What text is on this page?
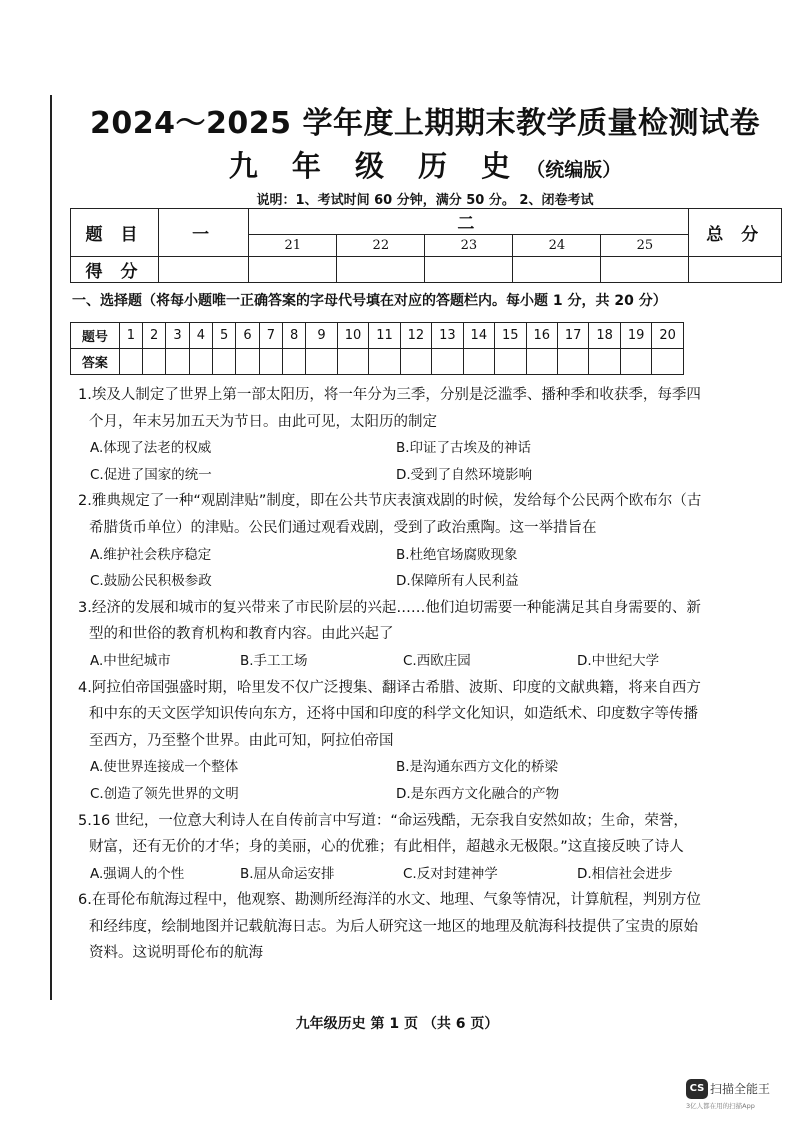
2024～2025 学年度上期期末教学质量检测试卷
九 年 级 历 史 （统编版）
说明：1、考试时间 60 分钟，满分 50 分。 2、闭卷考试
题 目	一	二					总 分
		21	22	23	24	25	
得 分							
一、选择题（将每小题唯一正确答案的字母代号填在对应的答题栏内。每小题 1 分，共 20 分）
题号	1	2	3	4	5	6	7	8	9	10	11	12	13	14	15	16	17	18	19	20
答案																				
1.埃及人制定了世界上第一部太阳历，将一年分为三季，分别是泛滥季、播种季和收获季，每季四个月，年末另加五天为节日。由此可见，太阳历的制定
A.体现了法老的权威	B.印证了古埃及的神话
C.促进了国家的统一	D.受到了自然环境影响
2.雅典规定了一种“观剧津贴”制度，即在公共节庆表演戏剧的时候，发给每个公民两个欧布尔（古希腊货币单位）的津贴。公民们通过观看戏剧，受到了政治熏陶。这一举措旨在
A.维护社会秩序稳定	B.杜绝官场腐败现象
C.鼓励公民积极参政	D.保障所有人民利益
3.经济的发展和城市的复兴带来了市民阶层的兴起……他们迫切需要一种能满足其自身需要的、新型的和世俗的教育机构和教育内容。由此兴起了
A.中世纪城市	B.手工工场	C.西欧庄园	D.中世纪大学
4.阿拉伯帝国强盛时期，哈里发不仅广泛搜集、翻译古希腊、波斯、印度的文献典籍，将来自西方和中东的天文医学知识传向东方，还将中国和印度的科学文化知识，如造纸术、印度数字等传播至西方，乃至整个世界。由此可知，阿拉伯帝国
A.使世界连接成一个整体	B.是沟通东西方文化的桥梁
C.创造了领先世界的文明	D.是东西方文化融合的产物
5.16 世纪，一位意大利诗人在自传前言中写道：“命运残酷，无奈我自安然如故；生命，荣誉，财富，还有无价的才华；身的美丽，心的优雅；有此相伴，超越永无极限。”这直接反映了诗人
A.强调人的个性	B.屈从命运安排	C.反对封建神学	D.相信社会进步
6.在哥伦布航海过程中，他观察、勘测所经海洋的水文、地理、气象等情况，计算航程，判别方位和经纬度，绘制地图并记载航海日志。为后人研究这一地区的地理及航海科技提供了宝贵的原始资料。这说明哥伦布的航海
九年级历史 第 1 页 （共 6 页）
CS 扫描全能王
3亿人都在用的扫描App
